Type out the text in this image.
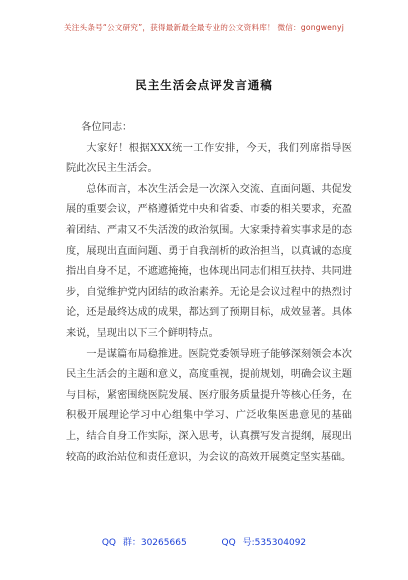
关注头条号“公文研究”，获得最新最全最专业的公文资料库！ 微信：gongwenyj
民主生活会点评发言通稿

各位同志：

大家好！根据XXX统一工作安排，今天，我们列席指导医院此次民主生活会。

总体而言，本次生活会是一次深入交流、直面问题、共促发展的重要会议，严格遵循党中央和省委、市委的相关要求，充盈着团结、严肃又不失活泼的政治氛围。大家秉持着实事求是的态度，展现出直面问题、勇于自我剖析的政治担当，以真诚的态度指出自身不足，不遮遮掩掩，也体现出同志们相互扶持、共同进步，自觉维护党内团结的政治素养。无论是会议过程中的热烈讨论，还是最终达成的成果，都达到了预期目标，成效显著。具体来说，呈现出以下三个鲜明特点。

一是谋篇布局稳推进。医院党委领导班子能够深刻领会本次民主生活会的主题和意义，高度重视，提前规划，明确会议主题与目标，紧密围绕医院发展、医疗服务质量提升等核心任务，在积极开展理论学习中心组集中学习、广泛收集医患意见的基础上，结合自身工作实际，深入思考，认真撰写发言提纲，展现出较高的政治站位和责任意识，为会议的高效开展奠定坚实基础。

QQ 群：30265665	QQ 号:535304092
